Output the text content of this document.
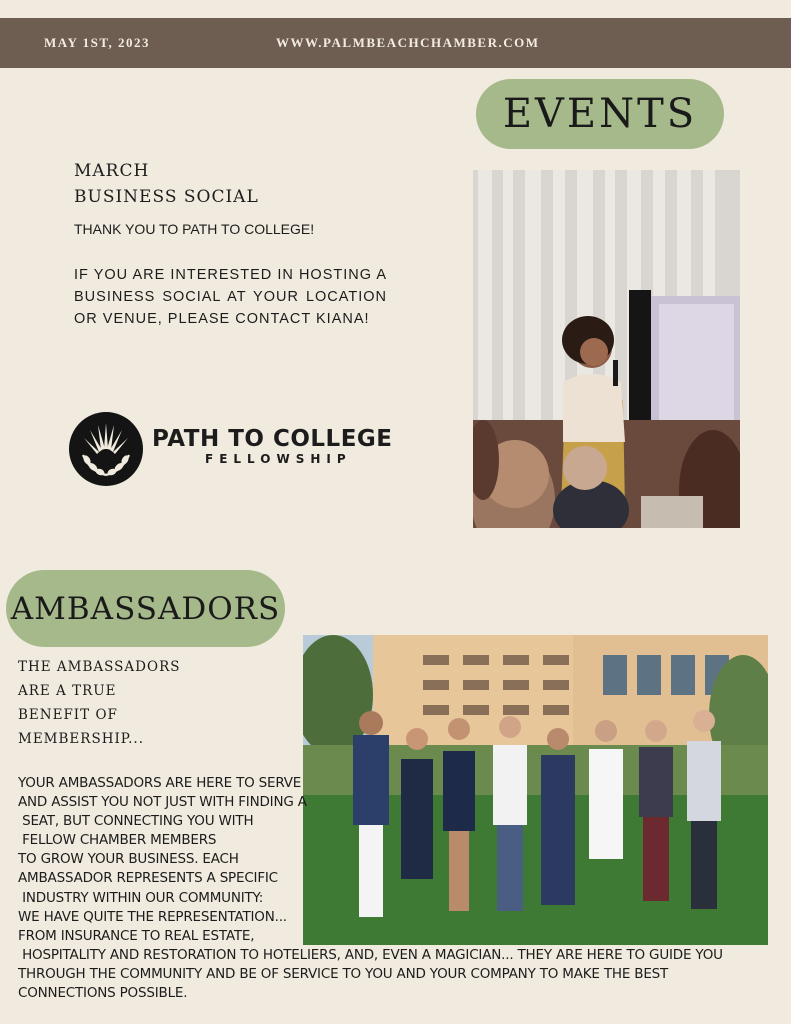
MAY 1ST, 2023	WWW.PALMBEACHCHAMBER.COM
EVENTS
MARCH
BUSINESS SOCIAL
THANK YOU TO PATH TO COLLEGE!
IF YOU ARE INTERESTED IN HOSTING A BUSINESS SOCIAL AT YOUR LOCATION OR VENUE, PLEASE CONTACT KIANA!
PATH TO COLLEGE
FELLOWSHIP
AMBASSADORS
THE AMBASSADORS
ARE A TRUE
BENEFIT OF
MEMBERSHIP...
YOUR AMBASSADORS ARE HERE TO SERVE
AND ASSIST YOU NOT JUST WITH FINDING A
SEAT, BUT CONNECTING YOU WITH
FELLOW CHAMBER MEMBERS
TO GROW YOUR BUSINESS. EACH
AMBASSADOR REPRESENTS A SPECIFIC
INDUSTRY WITHIN OUR COMMUNITY:
WE HAVE QUITE THE REPRESENTATION...
FROM INSURANCE TO REAL ESTATE,
HOSPITALITY AND RESTORATION TO HOTELIERS, AND, EVEN A MAGICIAN... THEY ARE HERE TO GUIDE YOU
THROUGH THE COMMUNITY AND BE OF SERVICE TO YOU AND YOUR COMPANY TO MAKE THE BEST
CONNECTIONS POSSIBLE.
